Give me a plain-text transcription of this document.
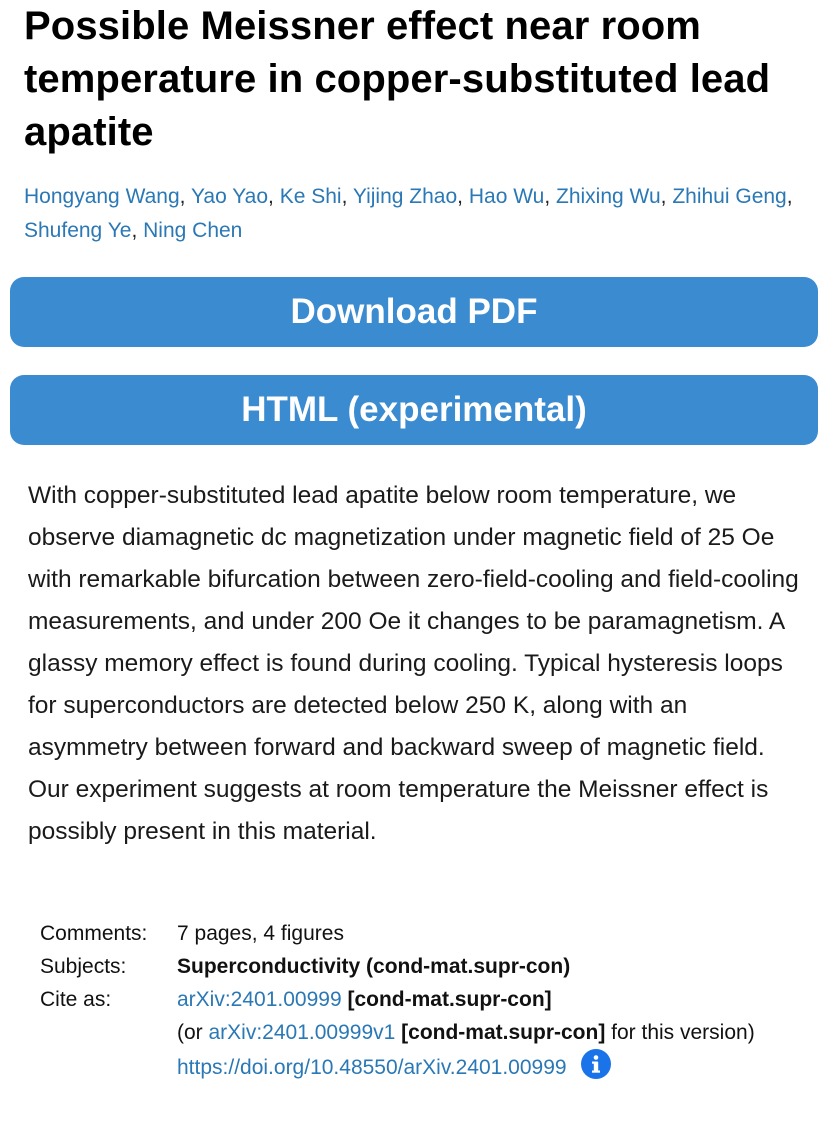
Possible Meissner effect near room temperature in copper-substituted lead apatite
Hongyang Wang, Yao Yao, Ke Shi, Yijing Zhao, Hao Wu, Zhixing Wu, Zhihui Geng, Shufeng Ye, Ning Chen
Download PDF
HTML (experimental)

With copper-substituted lead apatite below room temperature, we observe diamagnetic dc magnetization under magnetic field of 25 Oe with remarkable bifurcation between zero-field-cooling and field-cooling measurements, and under 200 Oe it changes to be paramagnetism. A glassy memory effect is found during cooling. Typical hysteresis loops for superconductors are detected below 250 K, along with an asymmetry between forward and backward sweep of magnetic field. Our experiment suggests at room temperature the Meissner effect is possibly present in this material.

Comments:	7 pages, 4 figures
Subjects:	Superconductivity (cond-mat.supr-con)
Cite as:	arXiv:2401.00999 [cond-mat.supr-con]
(or arXiv:2401.00999v1 [cond-mat.supr-con] for this version)
https://doi.org/10.48550/arXiv.2401.00999
